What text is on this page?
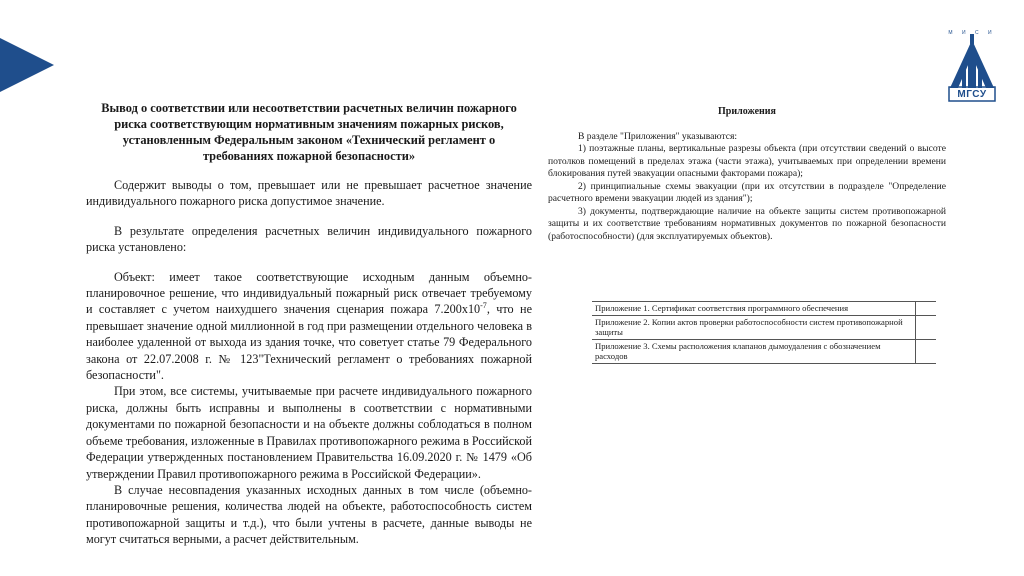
М И С И
МГСУ
Вывод о соответствии или несоответствии расчетных величин пожарного риска соответствующим нормативным значениям пожарных рисков, установленным Федеральным законом «Технический регламент о требованиях пожарной безопасности»

Содержит выводы о том, превышает или не превышает расчетное значение индивидуального пожарного риска допустимое значение.

В результате определения расчетных величин индивидуального пожарного риска установлено:

Объект: имеет такое соответствующие исходным данным объемно-планировочное решение, что индивидуальный пожарный риск отвечает требуемому и составляет с учетом наихудшего значения сценария пожара $7.200x10^{-7}$, что не превышает значение одной миллионной в год при размещении отдельного человека в наиболее удаленной от выхода из здания точке, что советует статье 79 Федерального закона от 22.07.2008 г. № 123"Технический регламент о требованиях пожарной безопасности".

При этом, все системы, учитываемые при расчете индивидуального пожарного риска, должны быть исправны и выполнены в соответствии с нормативными документами по пожарной безопасности и на объекте должны соблодаться в полном объеме требования, изложенные в Правилах противопожарного режима в Российской Федерации утвержденных постановлением Правительства 16.09.2020 г. № 1479 «Об утверждении Правил противопожарного режима в Российской Федерации».

В случае несовпадения указанных исходных данных в том числе (объемно-планировочные решения, количества людей на объекте, работоспособность систем противопожарной защиты и т.д.), что были учтены в расчете, данные выводы не могут считаться верными, а расчет действительным.

Приложения

В разделе "Приложения" указываются:

1) поэтажные планы, вертикальные разрезы объекта (при отсутствии сведений о высоте потолков помещений в пределах этажа (части этажа), учитываемых при определении времени блокирования путей эвакуации опасными факторами пожара);

2) принципиальные схемы эвакуации (при их отсутствии в подразделе "Определение расчетного времени эвакуации людей из здания");

3) документы, подтверждающие наличие на объекте защиты систем противопожарной защиты и их соответствие требованиям нормативных документов по пожарной безопасности (работоспособности) (для эксплуатируемых объектов).

Приложение 1. Сертификат соответствия программного обеспечения	
Приложение 2. Копии актов проверки работоспособности систем противопожарной защиты	
Приложение 3. Схемы расположения клапанов дымоудаления с обозначением расходов	
